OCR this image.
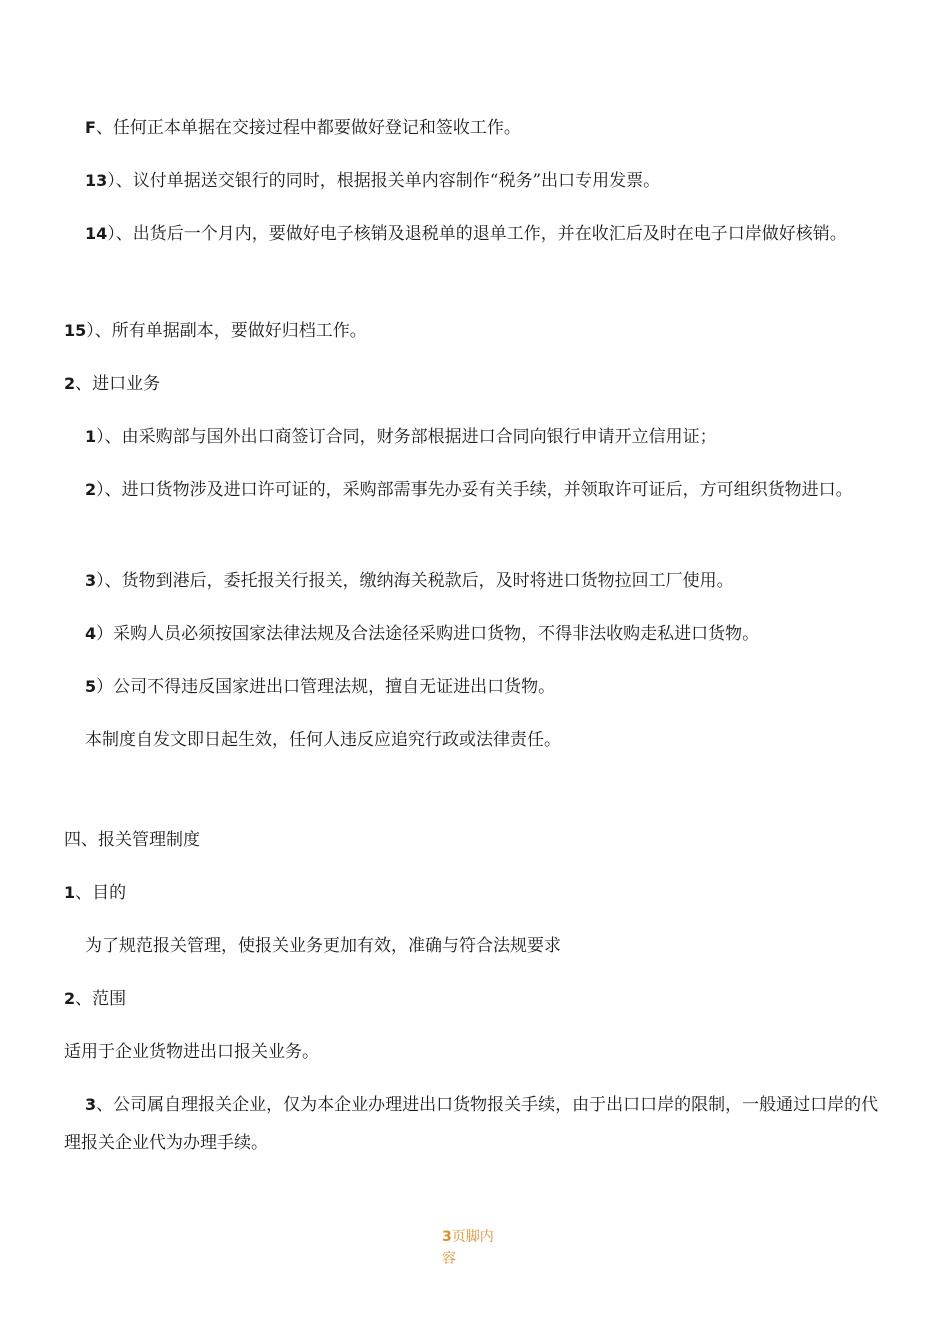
F、任何正本单据在交接过程中都要做好登记和签收工作。

13）、议付单据送交银行的同时，根据报关单内容制作“税务”出口专用发票。

14）、出货后一个月内，要做好电子核销及退税单的退单工作，并在收汇后及时在电子口岸做好核销。

15）、所有单据副本，要做好归档工作。

2、进口业务

1）、由采购部与国外出口商签订合同，财务部根据进口合同向银行申请开立信用证；

2）、进口货物涉及进口许可证的，采购部需事先办妥有关手续，并领取许可证后，方可组织货物进口。

3）、货物到港后，委托报关行报关，缴纳海关税款后，及时将进口货物拉回工厂使用。

4）采购人员必须按国家法律法规及合法途径采购进口货物，不得非法收购走私进口货物。

5）公司不得违反国家进出口管理法规，擅自无证进出口货物。

本制度自发文即日起生效，任何人违反应追究行政或法律责任。

四、报关管理制度

1、目的

为了规范报关管理，使报关业务更加有效，准确与符合法规要求

2、范围

适用于企业货物进出口报关业务。

3、公司属自理报关企业，仅为本企业办理进出口货物报关手续，由于出口口岸的限制，一般通过口岸的代理报关企业代为办理手续。

3页脚内容
